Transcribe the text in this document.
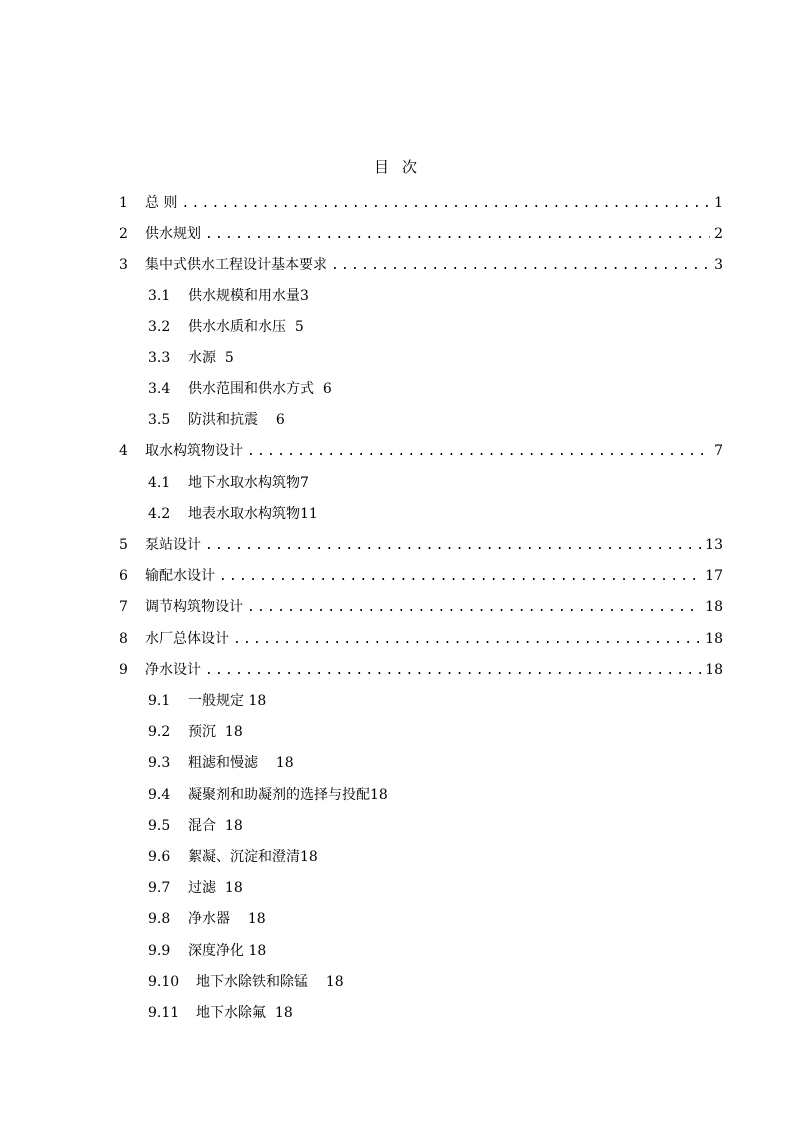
目 次
1	总 则 .....	1
2	供水规划 .....	2
3	集中式供水工程设计基本要求 .....	3
3.1 供水规模和用水量3
3.2 供水水质和水压 5
3.3 水源 5
3.4 供水范围和供水方式 6
3.5 防洪和抗震 6
4	取水构筑物设计 .....	7
4.1 地下水取水构筑物7
4.2 地表水取水构筑物11
5	泵站设计 .....	13
6	输配水设计 .....	17
7	调节构筑物设计 .....	18
8	水厂总体设计 .....	18
9	净水设计 .....	18
9.1 一般规定 18
9.2 预沉 18
9.3 粗滤和慢滤 18
9.4 凝聚剂和助凝剂的选择与投配18
9.5 混合 18
9.6 絮凝、沉淀和澄清18
9.7 过滤 18
9.8 净水器 18
9.9 深度净化 18
9.10 地下水除铁和除锰 18
9.11 地下水除氟 18
